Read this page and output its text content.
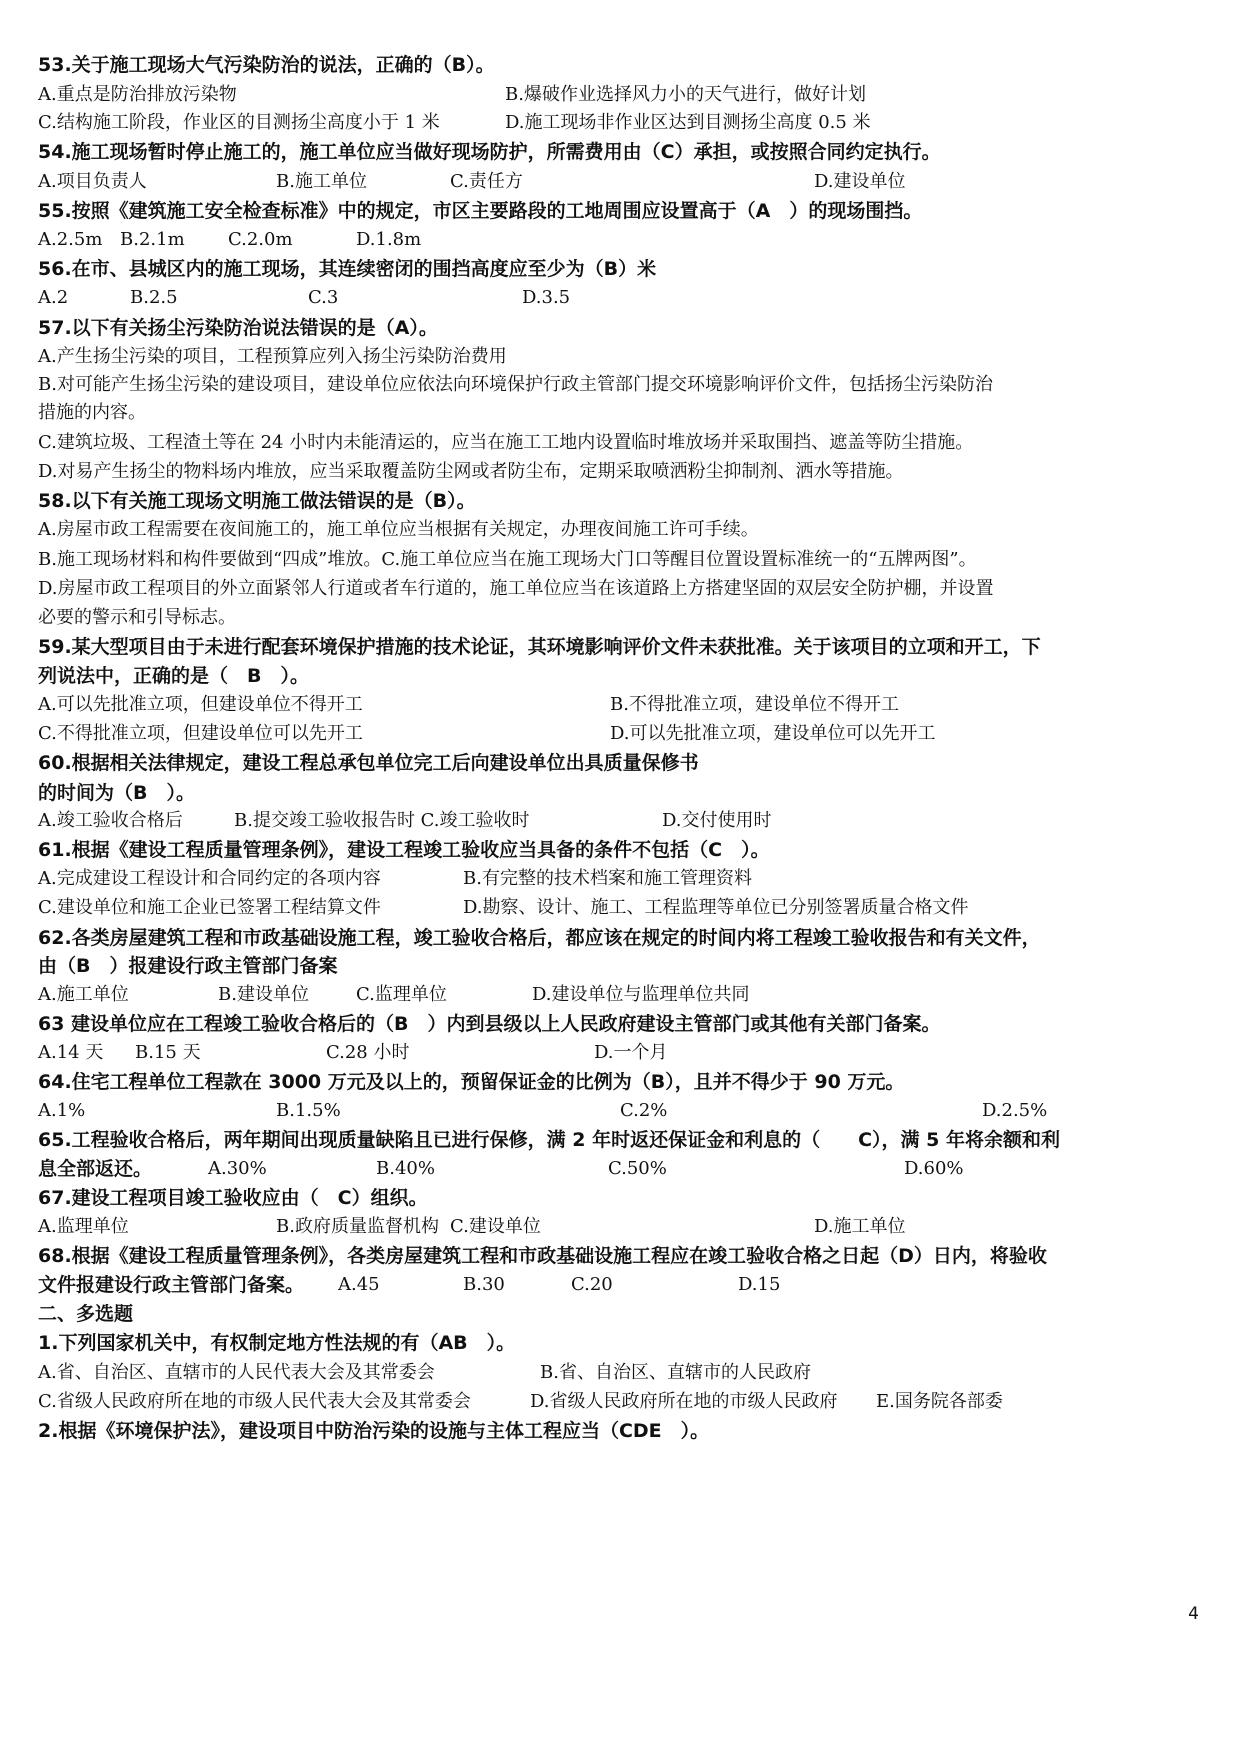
53.关于施工现场大气污染防治的说法，正确的（B）。
A.重点是防治排放污染物	B.爆破作业选择风力小的天气进行，做好计划
C.结构施工阶段，作业区的目测扬尘高度小于 1 米	D.施工现场非作业区达到目测扬尘高度 0.5 米
54.施工现场暂时停止施工的，施工单位应当做好现场防护，所需费用由（C）承担，或按照合同约定执行。
A.项目负责人	B.施工单位	C.责任方	D.建设单位
55.按照《建筑施工安全检查标准》中的规定，市区主要路段的工地周围应设置高于（A　）的现场围挡。
A.2.5m B.2.1m C.2.0m	D.1.8m
56.在市、县城区内的施工现场，其连续密闭的围挡高度应至少为（B）米
A.2	B.2.5	C.3	D.3.5
57.以下有关扬尘污染防治说法错误的是（A）。
A.产生扬尘污染的项目，工程预算应列入扬尘污染防治费用
B.对可能产生扬尘污染的建设项目，建设单位应依法向环境保护行政主管部门提交环境影响评价文件，包括扬尘污染防治
措施的内容。
C.建筑垃圾、工程渣土等在 24 小时内未能清运的，应当在施工工地内设置临时堆放场并采取围挡、遮盖等防尘措施。
D.对易产生扬尘的物料场内堆放，应当采取覆盖防尘网或者防尘布，定期采取喷洒粉尘抑制剂、洒水等措施。
58.以下有关施工现场文明施工做法错误的是（B）。
A.房屋市政工程需要在夜间施工的，施工单位应当根据有关规定，办理夜间施工许可手续。
B.施工现场材料和构件要做到“四成”堆放。C.施工单位应当在施工现场大门口等醒目位置设置标准统一的“五牌两图”。
D.房屋市政工程项目的外立面紧邻人行道或者车行道的，施工单位应当在该道路上方搭建坚固的双层安全防护棚，并设置
必要的警示和引导标志。
59.某大型项目由于未进行配套环境保护措施的技术论证，其环境影响评价文件未获批准。关于该项目的立项和开工，下
列说法中，正确的是（　B　）。
A.可以先批准立项，但建设单位不得开工	B.不得批准立项，建设单位不得开工
C.不得批准立项，但建设单位可以先开工	D.可以先批准立项，建设单位可以先开工
60.根据相关法律规定，建设工程总承包单位完工后向建设单位出具质量保修书
的时间为（B　）。
A.竣工验收合格后	B.提交竣工验收报告时 C.竣工验收时	D.交付使用时
61.根据《建设工程质量管理条例》，建设工程竣工验收应当具备的条件不包括（C　）。
A.完成建设工程设计和合同约定的各项内容	B.有完整的技术档案和施工管理资料
C.建设单位和施工企业已签署工程结算文件	D.勘察、设计、施工、工程监理等单位已分别签署质量合格文件
62.各类房屋建筑工程和市政基础设施工程，竣工验收合格后，都应该在规定的时间内将工程竣工验收报告和有关文件，
由（B　）报建设行政主管部门备案
A.施工单位	B.建设单位	C.监理单位	D.建设单位与监理单位共同
63 建设单位应在工程竣工验收合格后的（B　）内到县级以上人民政府建设主管部门或其他有关部门备案。
A.14 天 B.15 天	C.28 小时	D.一个月
64.住宅工程单位工程款在 3000 万元及以上的，预留保证金的比例为（B），且并不得少于 90 万元。
A.1%	B.1.5%	C.2%	D.2.5%
65.工程验收合格后，两年期间出现质量缺陷且已进行保修，满 2 年时返还保证金和利息的（　　C），满 5 年将余额和利
息全部返还。	A.30%	B.40%	C.50%	D.60%
67.建设工程项目竣工验收应由（　C）组织。
A.监理单位	B.政府质量监督机构 C.建设单位	D.施工单位
68.根据《建设工程质量管理条例》，各类房屋建筑工程和市政基础设施工程应在竣工验收合格之日起（D）日内，将验收
文件报建设行政主管部门备案。 A.45	B.30	C.20	D.15
二、多选题
1.下列国家机关中，有权制定地方性法规的有（AB　）。
A.省、自治区、直辖市的人民代表大会及其常委会	B.省、自治区、直辖市的人民政府
C.省级人民政府所在地的市级人民代表大会及其常委会	D.省级人民政府所在地的市级人民政府 E.国务院各部委
2.根据《环境保护法》，建设项目中防治污染的设施与主体工程应当（CDE　）。
4
